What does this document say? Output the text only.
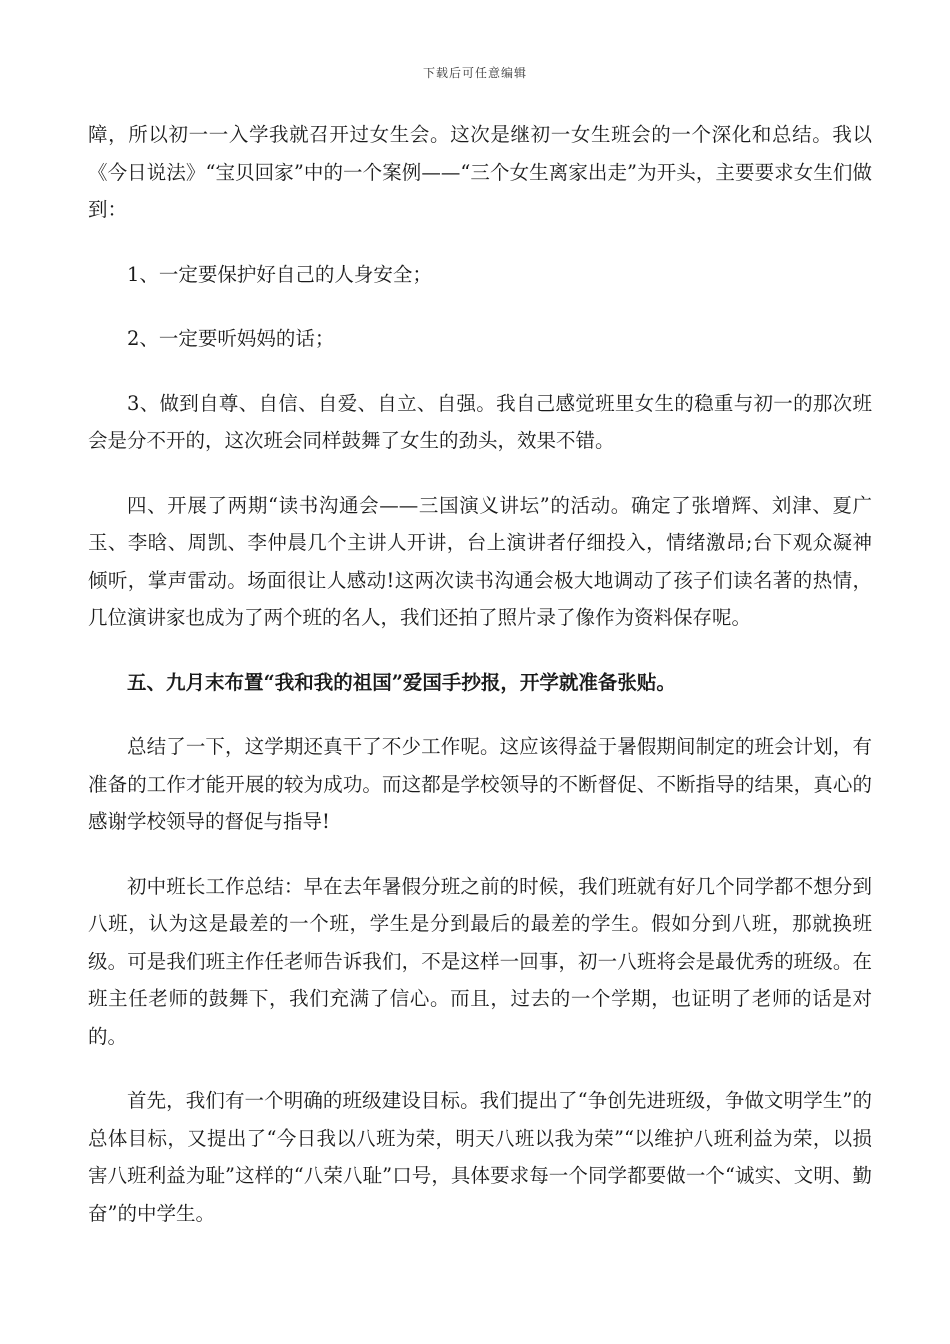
下载后可任意编辑

障，所以初一一入学我就召开过女生会。这次是继初一女生班会的一个深化和总结。我以《今日说法》“宝贝回家”中的一个案例——“三个女生离家出走”为开头，主要要求女生们做到：

1、一定要保护好自己的人身安全；

2、一定要听妈妈的话；

3、做到自尊、自信、自爱、自立、自强。我自己感觉班里女生的稳重与初一的那次班会是分不开的，这次班会同样鼓舞了女生的劲头，效果不错。

四、开展了两期“读书沟通会——三国演义讲坛”的活动。确定了张增辉、刘津、夏广玉、李晗、周凯、李仲晨几个主讲人开讲，台上演讲者仔细投入，情绪激昂;台下观众凝神倾听，掌声雷动。场面很让人感动!这两次读书沟通会极大地调动了孩子们读名著的热情，几位演讲家也成为了两个班的名人，我们还拍了照片录了像作为资料保存呢。

五、九月末布置“我和我的祖国”爱国手抄报，开学就准备张贴。

总结了一下，这学期还真干了不少工作呢。这应该得益于暑假期间制定的班会计划，有准备的工作才能开展的较为成功。而这都是学校领导的不断督促、不断指导的结果，真心的感谢学校领导的督促与指导!

初中班长工作总结：早在去年暑假分班之前的时候，我们班就有好几个同学都不想分到八班，认为这是最差的一个班，学生是分到最后的最差的学生。假如分到八班，那就换班级。可是我们班主作任老师告诉我们，不是这样一回事，初一八班将会是最优秀的班级。在班主任老师的鼓舞下，我们充满了信心。而且，过去的一个学期，也证明了老师的话是对的。

首先，我们有一个明确的班级建设目标。我们提出了“争创先进班级，争做文明学生”的总体目标，又提出了“今日我以八班为荣，明天八班以我为荣”“以维护八班利益为荣，以损害八班利益为耻”这样的“八荣八耻”口号，具体要求每一个同学都要做一个“诚实、文明、勤奋”的中学生。
